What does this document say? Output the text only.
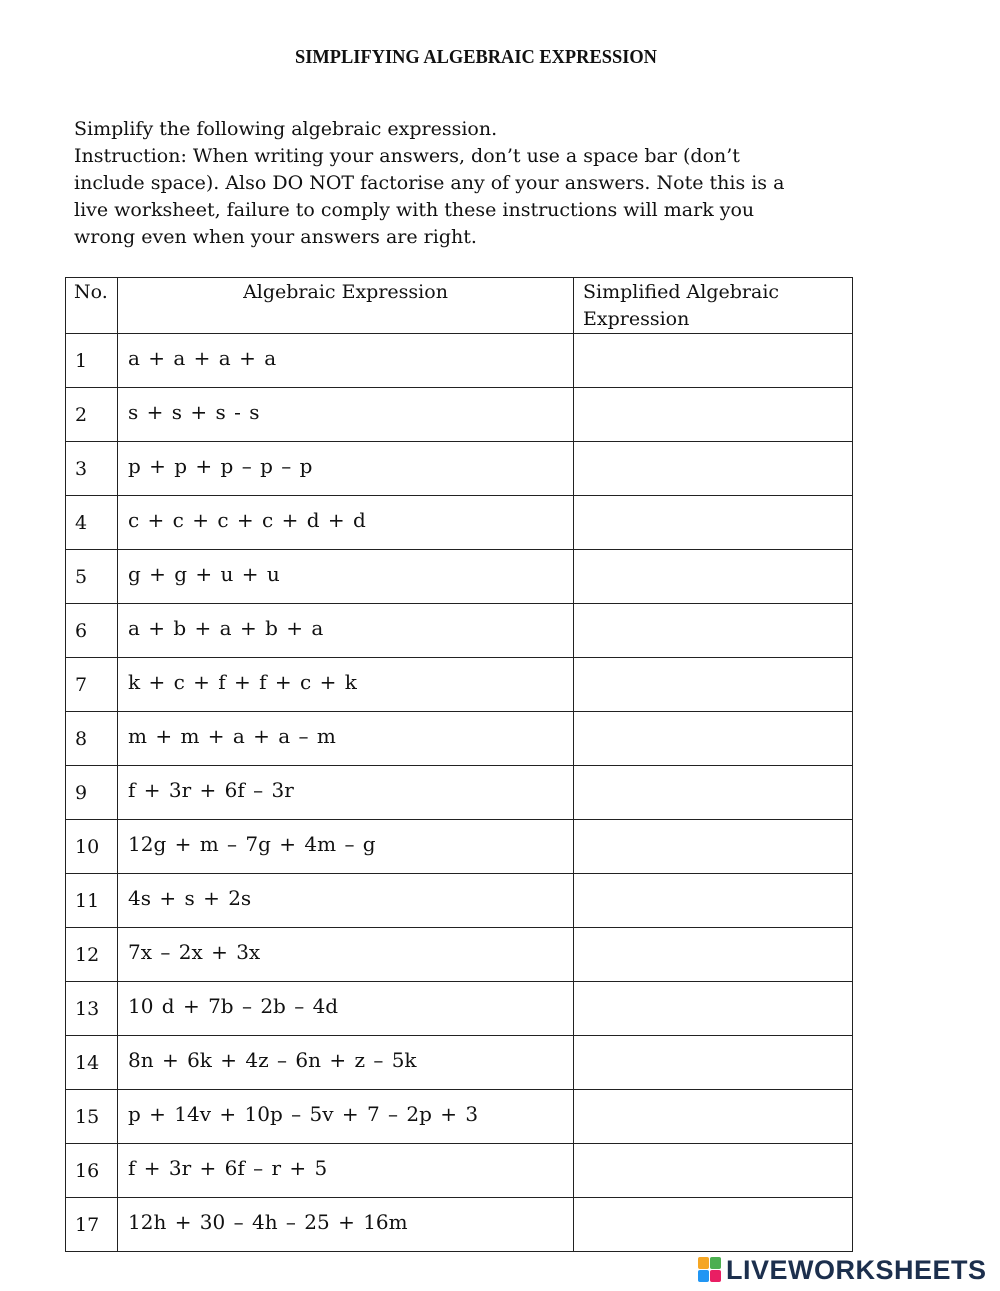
SIMPLIFYING ALGEBRAIC EXPRESSION
Simplify the following algebraic expression.
Instruction: When writing your answers, don’t use a space bar (don’t
include space). Also DO NOT factorise any of your answers. Note this is a
live worksheet, failure to comply with these instructions will mark you
wrong even when your answers are right.
No.	Algebraic Expression	Simplified Algebraic Expression
1	a + a + a + a	
2	s + s + s - s	
3	p + p + p – p – p	
4	c + c + c + c + d + d	
5	g + g + u + u	
6	a + b + a + b + a	
7	k + c + f + f + c + k	
8	m + m + a + a – m	
9	f + 3r + 6f – 3r	
10	12g + m – 7g + 4m – g	
11	4s + s + 2s	
12	7x – 2x + 3x	
13	10 d + 7b – 2b – 4d	
14	8n + 6k + 4z – 6n + z – 5k	
15	p + 14v + 10p – 5v + 7 – 2p + 3	
16	f + 3r + 6f – r + 5	
17	12h + 30 – 4h – 25 + 16m	
LIVEWORKSHEETS
